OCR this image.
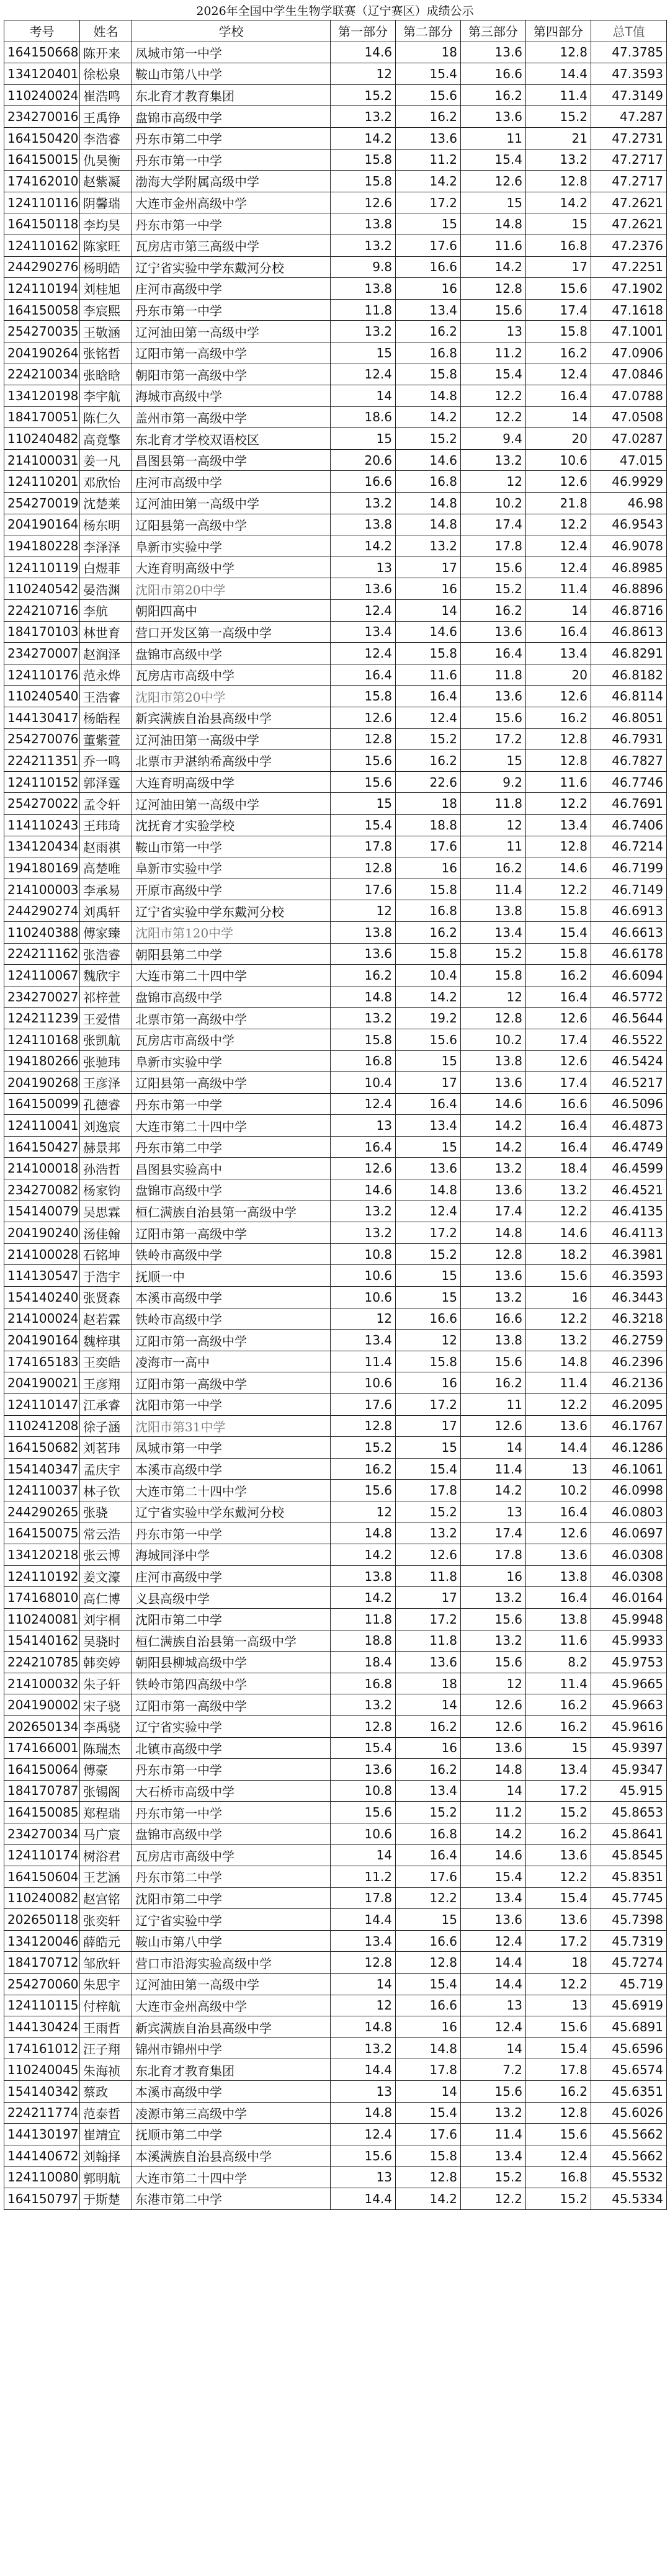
2026年全国中学生生物学联赛（辽宁赛区）成绩公示
考号	姓名	学校	第一部分	第二部分	第三部分	第四部分	总T值
164150668	陈开来	凤城市第一中学	14.6	18	13.6	12.8	47.3785
134120401	徐松泉	鞍山市第八中学	12	15.4	16.6	14.4	47.3593
110240024	崔浩鸣	东北育才教育集团	15.2	15.6	16.2	11.4	47.3149
234270016	王禹铮	盘锦市高级中学	13.2	16.2	13.6	15.2	47.287
164150420	李浩睿	丹东市第二中学	14.2	13.6	11	21	47.2731
164150015	仇昊衡	丹东市第一中学	15.8	11.2	15.4	13.2	47.2717
174162010	赵紫凝	渤海大学附属高级中学	15.8	14.2	12.6	12.8	47.2717
124110116	阴馨瑞	大连市金州高级中学	12.6	17.2	15	14.2	47.2621
164150118	李均昊	丹东市第一中学	13.8	15	14.8	15	47.2621
124110162	陈家旺	瓦房店市第三高级中学	13.2	17.6	11.6	16.8	47.2376
244290276	杨明皓	辽宁省实验中学东戴河分校	9.8	16.6	14.2	17	47.2251
124110194	刘桂旭	庄河市高级中学	13.8	16	12.8	15.6	47.1902
164150058	李宸熙	丹东市第一中学	11.8	13.4	15.6	17.4	47.1618
254270035	王敬涵	辽河油田第一高级中学	13.2	16.2	13	15.8	47.1001
204190264	张铭哲	辽阳市第一高级中学	15	16.8	11.2	16.2	47.0906
224210034	张晗晗	朝阳市第一高级中学	12.4	15.8	15.4	12.4	47.0846
134120198	李宇航	海城市高级中学	14	14.8	12.2	16.4	47.0788
184170051	陈仁久	盖州市第一高级中学	18.6	14.2	12.2	14	47.0508
110240482	高竟擎	东北育才学校双语校区	15	15.2	9.4	20	47.0287
214100031	姜一凡	昌图县第一高级中学	20.6	14.6	13.2	10.6	47.015
124110201	邓欣怡	庄河市高级中学	16.6	16.8	12	12.6	46.9929
254270019	沈楚莱	辽河油田第一高级中学	13.2	14.8	10.2	21.8	46.98
204190164	杨东明	辽阳县第一高级中学	13.8	14.8	17.4	12.2	46.9543
194180228	李泽泽	阜新市实验中学	14.2	13.2	17.8	12.4	46.9078
124110119	白煜菲	大连育明高级中学	13	17	15.6	12.4	46.8985
110240542	晏浩渊	沈阳市第20中学	13.6	16	15.2	11.4	46.8896
224210716	李航	朝阳四高中	12.4	14	16.2	14	46.8716
184170103	林世育	营口开发区第一高级中学	13.4	14.6	13.6	16.4	46.8613
234270007	赵润泽	盘锦市高级中学	12.4	15.8	16.4	13.4	46.8291
124110176	范永烨	瓦房店市高级中学	16.4	11.6	11.8	20	46.8182
110240540	王浩睿	沈阳市第20中学	15.8	16.4	13.6	12.6	46.8114
144130417	杨皓程	新宾满族自治县高级中学	12.6	12.4	15.6	16.2	46.8051
254270076	董紫萱	辽河油田第一高级中学	12.8	15.2	17.2	12.8	46.7931
224211351	乔一鸣	北票市尹湛纳希高级中学	15.6	16.2	15	12.8	46.7827
124110152	郭泽霆	大连育明高级中学	15.6	22.6	9.2	11.6	46.7746
254270022	孟令轩	辽河油田第一高级中学	15	18	11.8	12.2	46.7691
114110243	王玮琦	沈抚育才实验学校	15.4	18.8	12	13.4	46.7406
134120434	赵雨祺	鞍山市第一中学	17.8	17.6	11	12.8	46.7214
194180169	高楚唯	阜新市实验中学	12.8	16	16.2	14.6	46.7199
214100003	李承易	开原市高级中学	17.6	15.8	11.4	12.2	46.7149
244290274	刘禹轩	辽宁省实验中学东戴河分校	12	16.8	13.8	15.8	46.6913
110240388	傅家臻	沈阳市第120中学	13.8	16.2	13.4	15.4	46.6613
224211162	张浩睿	朝阳县第二中学	13.6	15.8	15.2	15.8	46.6178
124110067	魏欣宇	大连市第二十四中学	16.2	10.4	15.8	16.2	46.6094
234270027	祁梓萱	盘锦市高级中学	14.8	14.2	12	16.4	46.5772
124211239	王爱惜	北票市第一高级中学	13.2	19.2	12.8	12.6	46.5644
124110168	张凯航	瓦房店市高级中学	15.8	15.6	10.2	17.4	46.5522
194180266	张驰玮	阜新市实验中学	16.8	15	13.8	12.6	46.5424
204190268	王彦泽	辽阳县第一高级中学	10.4	17	13.6	17.4	46.5217
164150099	孔德睿	丹东市第一中学	12.4	16.4	14.6	16.6	46.5096
124110041	刘逸宸	大连市第二十四中学	13	13.4	14.2	16.4	46.4873
164150427	赫景邦	丹东市第二中学	16.4	15	14.2	16.4	46.4749
214100018	孙浩哲	昌图县实验高中	12.6	13.6	13.2	18.4	46.4599
234270082	杨家钧	盘锦市高级中学	14.6	14.8	13.6	13.2	46.4521
154140079	吴思霖	桓仁满族自治县第一高级中学	13.2	12.4	17.4	12.2	46.4135
204190240	汤佳翰	辽阳市第一高级中学	13.2	17.2	14.8	14.6	46.4113
214100028	石铭坤	铁岭市高级中学	10.8	15.2	12.8	18.2	46.3981
114130547	于浩宇	抚顺一中	10.6	15	13.6	15.6	46.3593
154140240	张贤森	本溪市高级中学	10.6	15	13.2	16	46.3443
214100024	赵若霖	铁岭市高级中学	12	16.6	16.6	12.2	46.3218
204190164	魏梓琪	辽阳市第一高级中学	13.4	12	13.8	13.2	46.2759
174165183	王奕皓	凌海市一高中	11.4	15.8	15.6	14.8	46.2396
204190021	王彦翔	辽阳市第一高级中学	10.6	16	16.2	11.4	46.2136
124110147	江承睿	沈阳市第一中学	17.6	17.2	11	12.2	46.2095
110241208	徐子涵	沈阳市第31中学	12.8	17	12.6	13.6	46.1767
164150682	刘茗玮	凤城市第一中学	15.2	15	14	14.4	46.1286
154140347	孟庆宇	本溪市高级中学	16.2	15.4	11.4	13	46.1061
124110037	林子钦	大连市第二十四中学	15.6	17.8	14.2	10.2	46.0998
244290265	张骁	辽宁省实验中学东戴河分校	12	15.2	13	16.4	46.0803
164150075	常云浩	丹东市第一中学	14.8	13.2	17.4	12.6	46.0697
134120218	张云博	海城同泽中学	14.2	12.6	17.8	13.6	46.0308
124110192	姜文濠	庄河市高级中学	13.8	11.8	16	13.8	46.0308
174168010	高仁博	义县高级中学	14.2	17	13.2	16.4	46.0164
110240081	刘宇桐	沈阳市第二中学	11.8	17.2	15.6	13.8	45.9948
154140162	吴骁时	桓仁满族自治县第一高级中学	18.8	11.8	13.2	11.6	45.9933
224210785	韩奕婷	朝阳县柳城高级中学	18.4	13.6	15.6	8.2	45.9753
214100032	朱子轩	铁岭市第四高级中学	16.8	18	12	11.4	45.9665
204190002	宋子骁	辽阳市第一高级中学	13.2	14	12.6	16.2	45.9663
202650134	李禹骁	辽宁省实验中学	12.8	16.2	12.6	16.2	45.9616
174166001	陈瑞杰	北镇市高级中学	15.4	16	13.6	15	45.9397
164150064	傅豪	丹东市第一中学	13.6	16.2	14.8	13.4	45.9347
184170787	张锡阁	大石桥市高级中学	10.8	13.4	14	17.2	45.915
164150085	郑程瑞	丹东市第一中学	15.6	15.2	11.2	15.2	45.8653
234270034	马广宸	盘锦市高级中学	10.6	16.8	14.2	16.2	45.8641
124110174	树浴君	瓦房店市高级中学	14	16.4	14.6	13.6	45.8545
164150604	王艺涵	丹东市第二中学	11.2	17.6	15.4	12.2	45.8351
110240082	赵宫铭	沈阳市第二中学	17.8	12.2	13.4	15.4	45.7745
202650118	张奕轩	辽宁省实验中学	14.4	15	13.6	13.6	45.7398
134120046	薛皓元	鞍山市第八中学	13.4	16.6	12.4	17.2	45.7319
184170712	邹欣轩	营口市沿海实验高级中学	12.8	12.8	14.4	18	45.7274
254270060	朱思宇	辽河油田第一高级中学	14	15.4	14.4	12.2	45.719
124110115	付梓航	大连市金州高级中学	12	16.6	13	13	45.6919
144130424	王雨哲	新宾满族自治县高级中学	14.8	16	12.4	15.6	45.6891
174161012	汪子翔	锦州市锦州中学	13.2	14.8	14	15.4	45.6596
110240045	朱海祯	东北育才教育集团	14.4	17.8	7.2	17.8	45.6574
154140342	蔡政	本溪市高级中学	13	14	15.6	16.2	45.6351
224211774	范泰哲	凌源市第三高级中学	14.8	15.4	13.2	12.8	45.6026
144130197	崔靖宜	抚顺市第二中学	12.4	17.6	11.4	15.6	45.5662
144140672	刘翰择	本溪满族自治县高级中学	15.6	15.8	13.4	12.4	45.5662
124110080	郭明航	大连市第二十四中学	13	12.8	15.2	16.8	45.5532
164150797	于斯楚	东港市第二中学	14.4	14.2	12.2	15.2	45.5334
